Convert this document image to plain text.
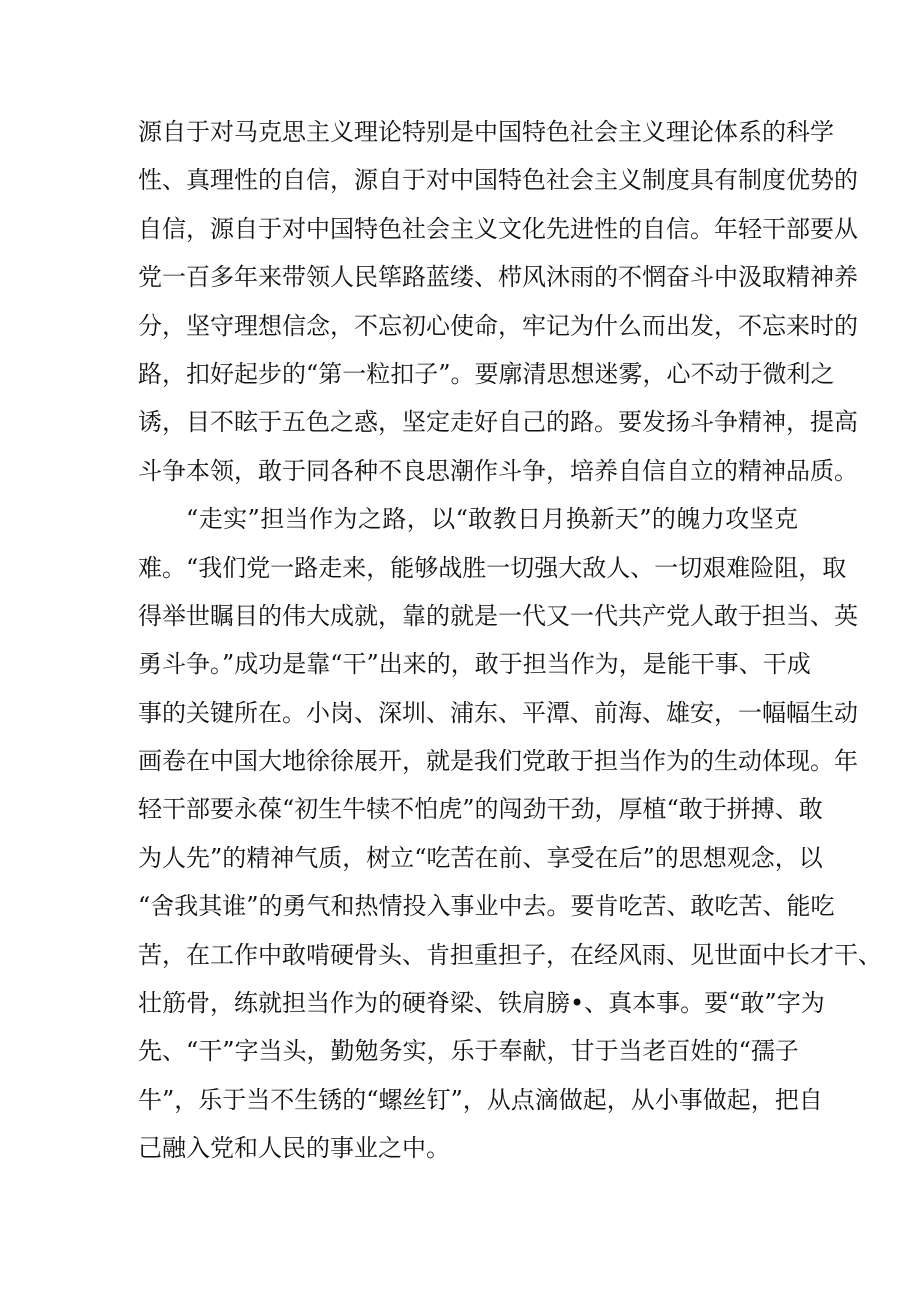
源自于对马克思主义理论特别是中国特色社会主义理论体系的科学
性、真理性的自信，源自于对中国特色社会主义制度具有制度优势的
自信，源自于对中国特色社会主义文化先进性的自信。年轻干部要从
党一百多年来带领人民筚路蓝缕、栉风沐雨的不惘奋斗中汲取精神养
分，坚守理想信念，不忘初心使命，牢记为什么而出发，不忘来时的
路，扣好起步的“第一粒扣子”。要廓清思想迷雾，心不动于微利之
诱，目不眩于五色之惑，坚定走好自己的路。要发扬斗争精神，提高
斗争本领，敢于同各种不良思潮作斗争，培养自信自立的精神品质。
“走实”担当作为之路，以“敢教日月换新天”的魄力攻坚克
难。“我们党一路走来，能够战胜一切强大敌人、一切艰难险阻，取
得举世瞩目的伟大成就，靠的就是一代又一代共产党人敢于担当、英
勇斗争。”成功是靠“干”出来的，敢于担当作为，是能干事、干成
事的关键所在。小岗、深圳、浦东、平潭、前海、雄安，一幅幅生动
画卷在中国大地徐徐展开，就是我们党敢于担当作为的生动体现。年
轻干部要永葆“初生牛犊不怕虎”的闯劲干劲，厚植“敢于拼搏、敢
为人先”的精神气质，树立“吃苦在前、享受在后”的思想观念，以
“舍我其谁”的勇气和热情投入事业中去。要肯吃苦、敢吃苦、能吃
苦，在工作中敢啃硬骨头、肯担重担子，在经风雨、见世面中长才干、
壮筋骨，练就担当作为的硬脊梁、铁肩膀•、真本事。要“敢”字为
先、“干”字当头，勤勉务实，乐于奉献，甘于当老百姓的“孺子
牛”，乐于当不生锈的“螺丝钉”，从点滴做起，从小事做起，把自
己融入党和人民的事业之中。
